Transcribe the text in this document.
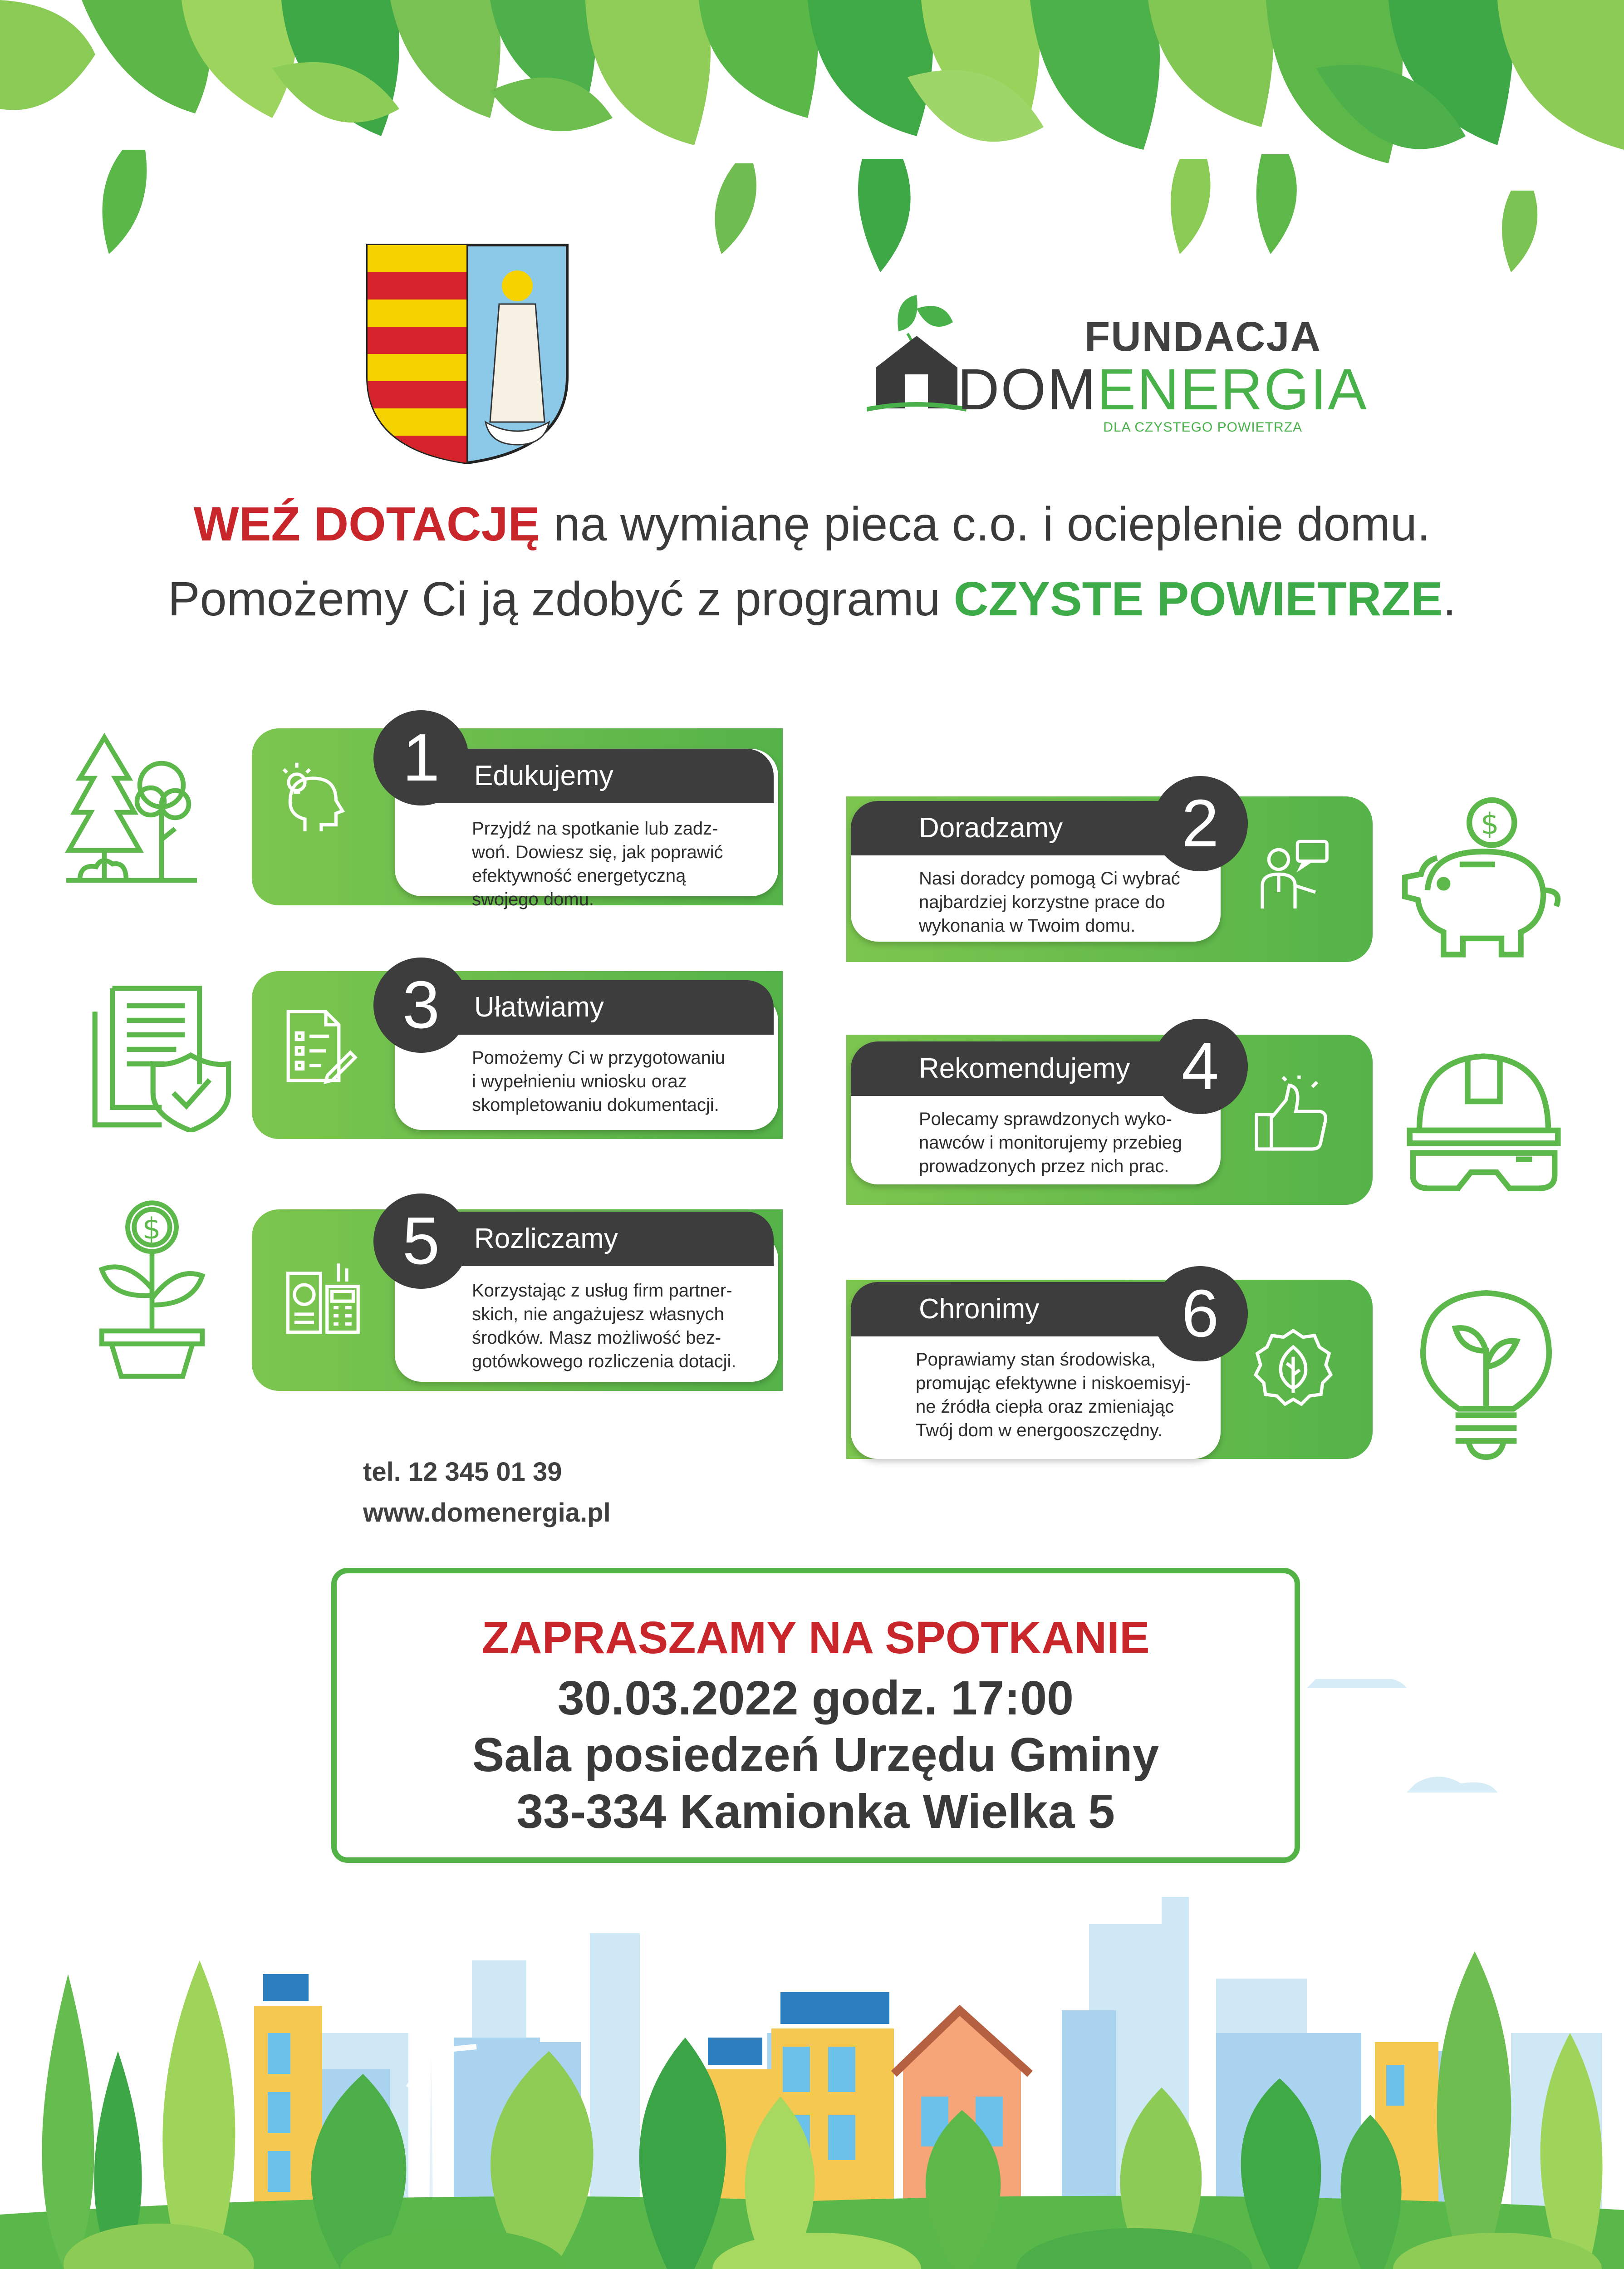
FUNDACJA
DOMENERGIA
DLA CZYSTEGO POWIETRZA
WEŹ DOTACJĘ na wymianę pieca c.o. i ocieplenie domu.
Pomożemy Ci ją zdobyć z programu CZYSTE POWIETRZE.
Edukujemy
1
Przyjdź na spotkanie lub zadz-
woń. Dowiesz się, jak poprawić
efektywność energetyczną
swojego domu.
Doradzamy	2
Nasi doradcy pomogą Ci wybrać
najbardziej korzystne prace do
wykonania w Twoim domu.
$
Ułatwiamy
3
Pomożemy Ci w przygotowaniu
i wypełnieniu wniosku oraz
skompletowaniu dokumentacji.
Rekomendujemy 4
Polecamy sprawdzonych wyko-
nawców i monitorujemy przebieg
prowadzonych przez nich prac.
Rozliczamy
5
Korzystając z usług firm partner-
skich, nie angażujesz własnych
środków. Masz możliwość bez-
gotówkowego rozliczenia dotacji.
$
Chronimy	6
Poprawiamy stan środowiska,
promując efektywne i niskoemisyj-
ne źródła ciepła oraz zmieniając
Twój dom w energooszczędny.
tel. 12 345 01 39
www.domenergia.pl
ZAPRASZAMY NA SPOTKANIE
30.03.2022 godz. 17:00
Sala posiedzeń Urzędu Gminy
33-334 Kamionka Wielka 5
